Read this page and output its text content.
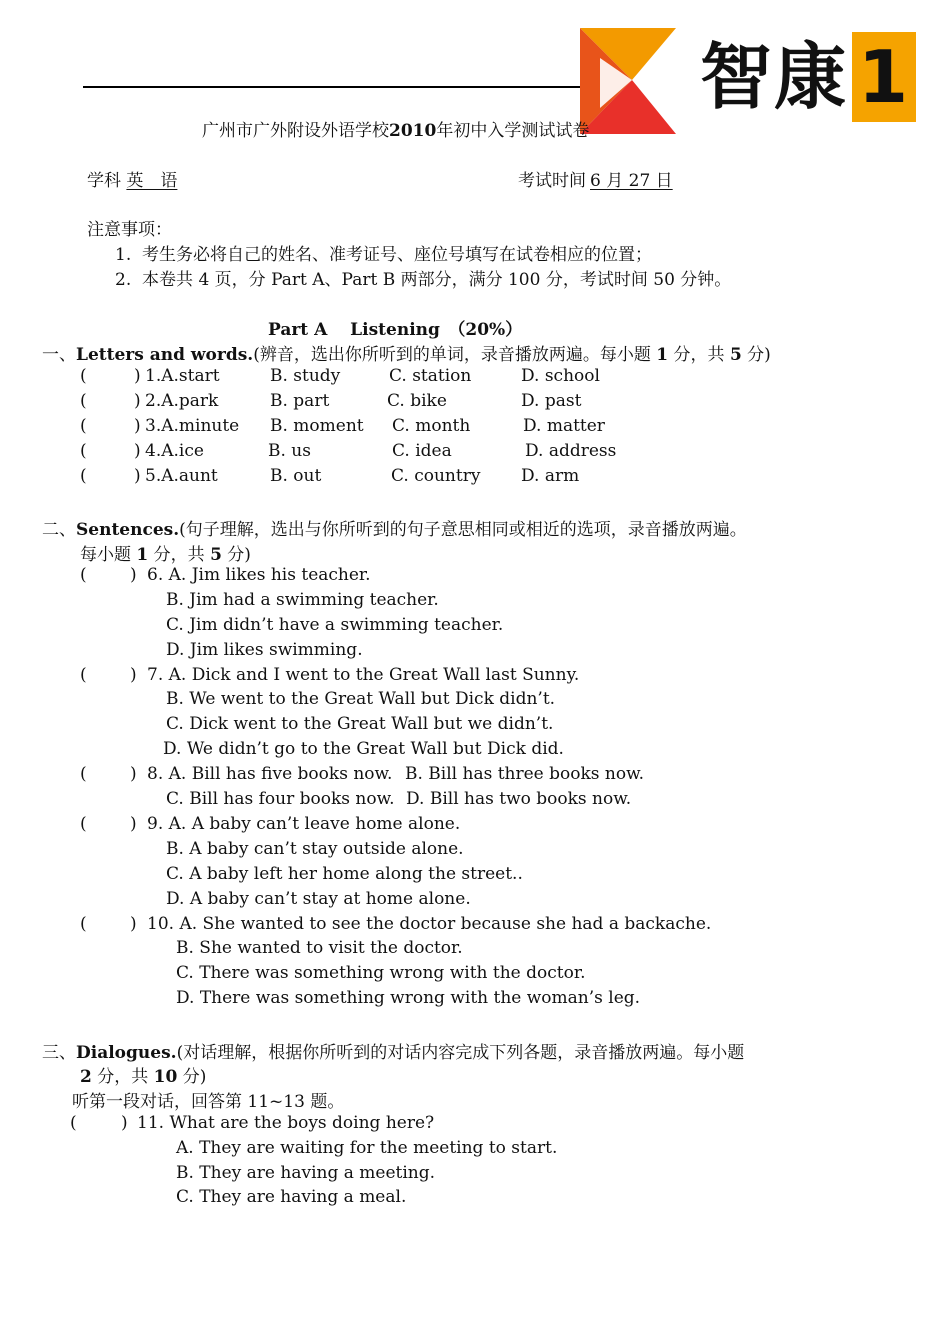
智康 1
广州市广外附设外语学校2010年初中入学测试试卷
学科 英　语	考试时间 6 月 27 日
注意事项：
1. 考生务必将自己的姓名、准考证号、座位号填写在试卷相应的位置；
2. 本卷共 4 页，分 Part A、Part B 两部分，满分 100 分，考试时间 50 分钟。
Part A　 Listening　（20%）
一、Letters and words.(辨音，选出你所听到的单词，录音播放两遍。每小题 1 分，共 5 分)
(	) 1.A.start	B. study	C. station	D. school
(	) 2.A.park	B. part	C. bike	D. past
(	) 3.A.minute B. moment C. month	D. matter
(	) 4.A.ice	B. us	C. idea	D. address
(	) 5.A.aunt	B. out	C. country D. arm
二、Sentences.(句子理解，选出与你所听到的句子意思相同或相近的选项，录音播放两遍。
每小题 1 分，共 5 分)
(	) 6. A. Jim likes his teacher.
B. Jim had a swimming teacher.
C. Jim didn’t have a swimming teacher.
D. Jim likes swimming.
(	) 7. A. Dick and I went to the Great Wall last Sunny.
B. We went to the Great Wall but Dick didn’t.
C. Dick went to the Great Wall but we didn’t.
D. We didn’t go to the Great Wall but Dick did.
(	) 8. A. Bill has five books now. B. Bill has three books now.
C. Bill has four books now. D. Bill has two books now.
(	) 9. A. A baby can’t leave home alone.
B. A baby can’t stay outside alone.
C. A baby left her home along the street..
D. A baby can’t stay at home alone.
(	) 10. A. She wanted to see the doctor because she had a backache.
B. She wanted to visit the doctor.
C. There was something wrong with the doctor.
D. There was something wrong with the woman’s leg.
三、Dialogues.(对话理解，根据你所听到的对话内容完成下列各题，录音播放两遍。每小题
2 分，共 10 分)
听第一段对话，回答第 11~13 题。
(	) 11. What are the boys doing here?
A. They are waiting for the meeting to start.
B. They are having a meeting.
C. They are having a meal.
